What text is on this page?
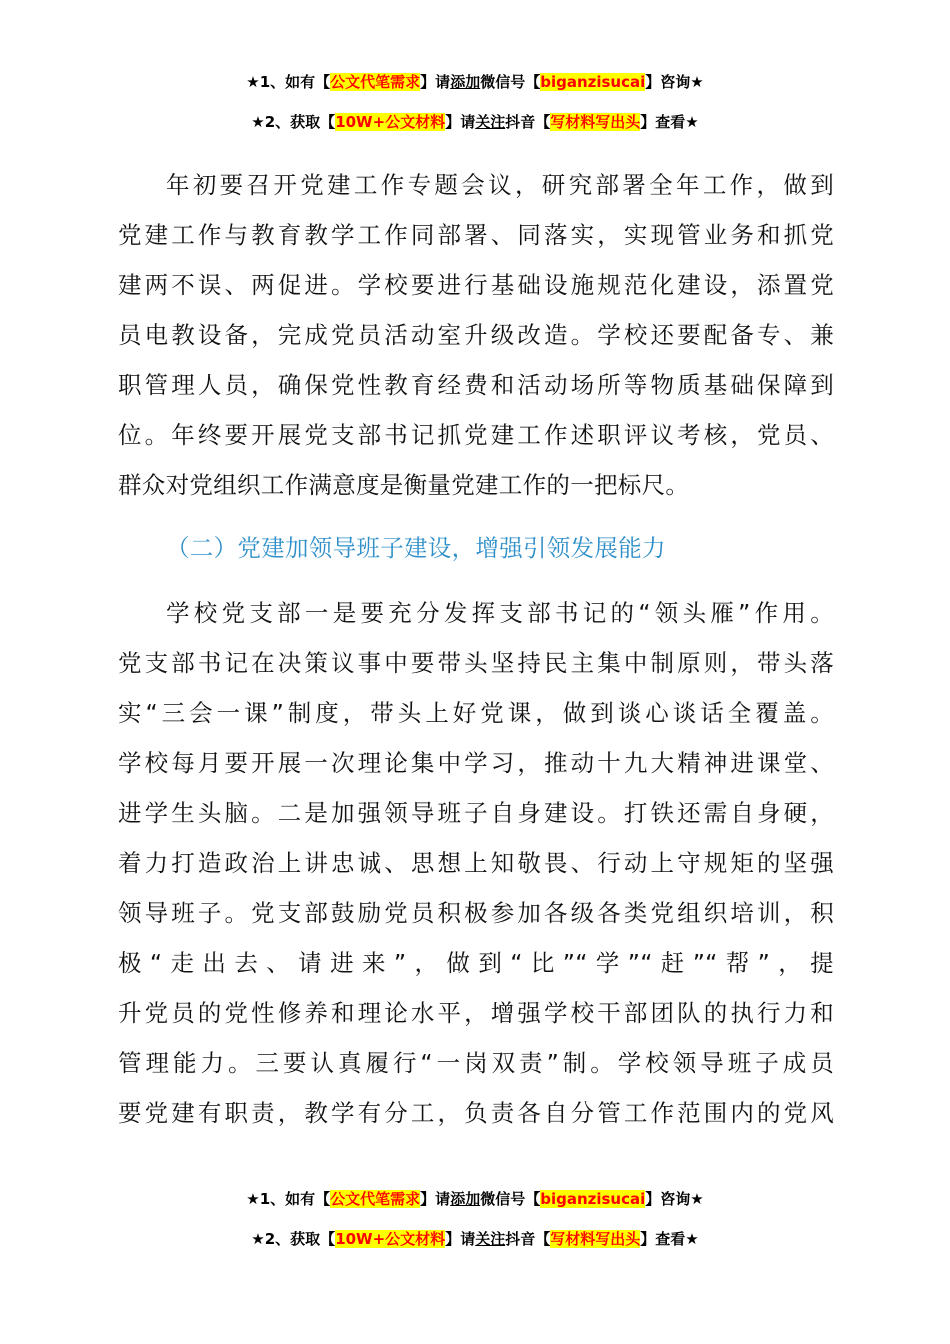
★1、如有【公文代笔需求】请添加微信号【biganzisucai】咨询★
★2、获取【10W+公文材料】请关注抖音【写材料写出头】查看★
年初要召开党建工作专题会议，研究部署全年工作，做到
党建工作与教育教学工作同部署、同落实，实现管业务和抓党
建两不误、两促进。学校要进行基础设施规范化建设，添置党
员电教设备，完成党员活动室升级改造。学校还要配备专、兼
职管理人员，确保党性教育经费和活动场所等物质基础保障到
位。年终要开展党支部书记抓党建工作述职评议考核，党员、
群众对党组织工作满意度是衡量党建工作的一把标尺。
（二）党建加领导班子建设，增强引领发展能力
学校党支部一是要充分发挥支部书记的“领头雁”作用。
党支部书记在决策议事中要带头坚持民主集中制原则，带头落
实“三会一课”制度，带头上好党课，做到谈心谈话全覆盖。
学校每月要开展一次理论集中学习，推动十九大精神进课堂、
进学生头脑。二是加强领导班子自身建设。打铁还需自身硬，
着力打造政治上讲忠诚、思想上知敬畏、行动上守规矩的坚强
领导班子。党支部鼓励党员积极参加各级各类党组织培训，积
极“走出去、请进来”，做到“比”“学”“赶”“帮”，提
升党员的党性修养和理论水平，增强学校干部团队的执行力和
管理能力。三要认真履行“一岗双责”制。学校领导班子成员
要党建有职责，教学有分工，负责各自分管工作范围内的党风
★1、如有【公文代笔需求】请添加微信号【biganzisucai】咨询★
★2、获取【10W+公文材料】请关注抖音【写材料写出头】查看★
